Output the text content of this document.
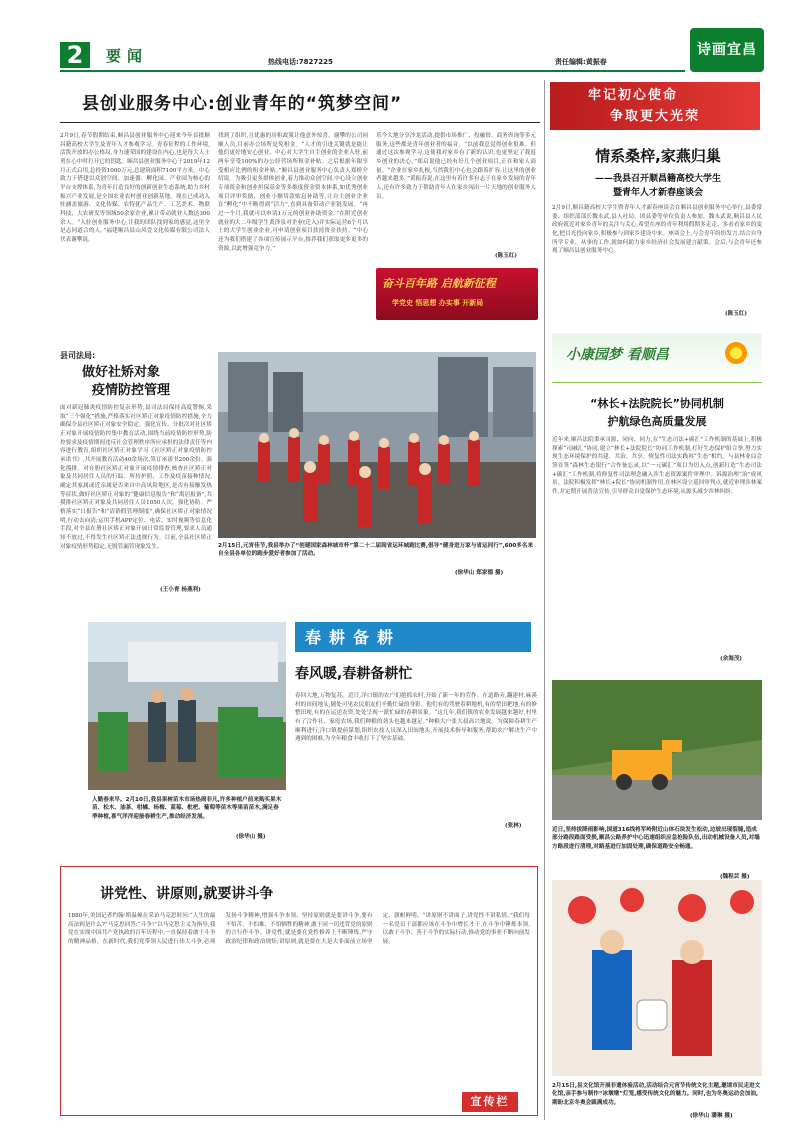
2	要闻	热线电话:7827225	责任编辑:黄振春
诗画宜昌
县创业服务中心:创业青年的“筑梦空间”
2月9日,春节假期结束,顺昌县创业服务中心迎来今年首批顺昌籍高校大学生及青年人才参观学习。青春征程的工作环境,活泼开放的办公格局,身力速荣国的建设在内心,也是每大人士勇在心中时打开它的钥匙。顺昌县创业服务中心于2019年12月正式启用,总投资1000万元,总建筑面积7100平方米。中心致力于搭建以众创空间、加速器、孵化园、产业园为核心的平台支撑体系,为青年打造良好的创新创业生态系统,助力乡村振兴产业发展,是全国农业农村创业创新基地。现在已成功入驻涵盖旅游、文化传媒、农特优产品生产、工艺美术、物联科技、大农研发等领域50余家企业,累计带动就业人数达300余人。“入驻创业服务中心,让我的团队找到家的感觉,这里全是志同道合的人。”福建顺昌县山风壹文化传媒有限公司法人代表谢攀说。
找到了组织,且优惠的房租政策让他意外惊喜。谢攀的公司同顺人员,目前办公场所是免租金。“人才的引进关键就是能让他们更好地安心创业。中心对大学生自主创业的企业入驻,前两年享受100%的办公经营场所租金补贴。之后根据年限享受相应比例的租金补贴。”顺昌县创业服务中心负责人郑桥介绍说。为吸引更多群体创业,着力推动众创空间,中心设立创业专项资金和创业担保基金等多维度资金资本体系,如优秀创业项目评审奖励、创业小额贷款贴息补助等,让自主创业企业在“孵化”中不断得到“活力”,直到具备带动产业链发展。“再过一个月,我就可以申请1万元的创业补助资金。”在附近创业就业的大二年级学生黄泽泉对企业(迁入)并实际运营6个月以上的大学生创业企业,可申请创业项目扶持资金扶持。“中心还为我们搭建了各项宣传展示平台,推荐我们获取更多更多的资源,以此增强竞争力。”
乐今大地分享沙龙活动,提供市场推广、投融资、商务咨询等多元服务,这些都是青年创业者的福音。“以前我总觉得创业很难。但通过这次参观学习,这使我对家乡有了新的认识,也更坚定了我返乡创业的决心。”郑启说他已经有好几个创业项目,正在和家人商量。“企业在家乡扎根,当然我们中心也会跟着扩容,让这里的创业者越来越多。”黄振春说,在这里有着许多有志于在家乡发展的青年人,还有许多致力于帮助青年人在家乡闯出一片天地的创业服务人员。
(陈玉红)
奋斗百年路 启航新征程
学党史 悟思想 办实事 开新局
牢记初心使命
争取更大光荣
情系桑梓,家燕归巢
——我县召开顺昌籍高校大学生
暨青年人才新春座谈会
2月9日,顺昌籍高校大学生暨青年人才新春座谈会在顺昌县创业服务中心举行,县委常委、组织部部长魏永武,县人社局、团县委等单位负责人参加。魏永武说,顺昌县人民政府就近对家乡青年的关注与关心,希望在座的青年利用假期多走走、多看看家乡的变化,把目光投向家乡,积极参与到家乡建设中来。座谈会上,与会青年纷纷发言,结合自身所学专业、从事的工作,就如何助力家乡经济社会发展建言献策。会后,与会青年还参观了顺昌县创业服务中心。
(陈玉红)
小康园梦 看顺昌
“林长+法院院长”协同机制
护航绿色高质量发展
近年来,顺昌法院秉承司源、同向、同力,在“生态司法+碳汇”工作机制的基础上,积极探索“司融汇”协同,建立“林长+法院院长”协同工作机制,打好生态保护组合拳,努力实现生态环境保护的共建、共治、共享。恢复性司法实践再“生态”相约。与县林业局会签首签“森林生态银行”合作备忘录,以“一元碳汇”项目为切入点,创新打造“生态司法+碳汇”工作机制,将修复性司法理念融入涉生态资源案件审理中。诉源治理“治”成风景。法院积极发挥“林长+院长”协同机制作用,在林区设立巡回审判点,就近审理涉林案件,并定期开展普法宣传,引导群众自觉保护生态环境,从源头减少涉林纠纷。
(余海茂)
县司法局:
做好社矫对象
疫情防控管理
面对新冠肺炎疫情防控复杂形势,县司法局保持高度警惕,采取“三个强化”措施,严格落实社区矫正对象疫情防控措施,全力确保全县社区矫正对象安全稳定。强化宣传。分批次对社区矫正对象开展疫情防控集中教育活动,围绕当前疫情防控形势,防控要求及疫情期间违反社会管理秩序所应承担的法律责任等内容进行教育,组织社区矫正对象学习《社区矫正对象疫情防控承诺书》,共开展教育活动40余场次,签订承诺书200余份。强化摸排。对在册社区矫正对象开展疫情排查,核查社区矫正对象及共同居住人员的行踪、所持护照、工作及疫苗接种情况,确定其家属或近亲属是否来自中高风险地区,是否有接触发热等症状,做好社区矫正对象的“健康信息报告”和“离居报备”,共摸排社区矫正对象及共同居住人员1050人次。强化协防。严格落实“日报告”和“请销假管理制度”,确保社区矫正对象情况明,行动去向清;运用手机APP定位、电话、实时视频等信息化手段,对全县在册社区矫正对象开展日常监督管理,要求人员通知不放过,不得发生社区矫正法违规行为。目前,全县社区矫正对象疫情形势稳定,无脱管漏管现象发生。
(王小青 杨燕利)
2月15日,元宵佳节,我县举办了“创建国家森林城市杯”第二十二届闽省运环城跑比赛,倡导“健身进万家与省运同行”,600多名来自全县各单位的跑步爱好者参加了活动。
(徐华山 郑家德 摄)
春耕备耕
春风暖,春耕备耕忙
春回大地,万物复苏。近日,洋口镇的农户们抢抓农时,开始了新一年的劳作。在道路旁,翻建村,麻溪村的田间地头,随处可见农民朋友们辛勤忙碌的身影。他们有的驾驶着耕地机,有的犁田耙地,有的修整田埂,有的在运送农资,处处呈现一派忙碌的春耕景象。“这几年,我们镇的农业发展越来越好,村里有了合作社、家庭农场,我们种粮的劲头也越来越足。”种粮大户张大叔高兴地说。为保障春耕生产顺利进行,洋口镇提前谋划,组织农技人员深入田间地头,开展技术指导和服务,帮助农户解决生产中遇到的困难,为全年粮食丰收打下了坚实基础。
(张林)
人勤春来早。2月10日,我县果树苗木市场热闹非凡,许多种植户前来购买果木苗、松木、油茶、柑橘、杨梅、蓝莓、枇杷、葡萄等苗木等果苗苗木,满足春季种植,喜气洋洋迎接春耕生产,推动经济发展。
(徐华山 摄)
近日,坚持拔降雨影响,国道316线将军岭附近山体石块发生松动,边坡出现裂缝,造成部分路段路面受损,顺昌公路养护中心迅速组织应急抢险队伍,出动机械设备人员,对塌方路段进行清理,对路基进行加固处理,确保道路安全畅通。
(魏程芸 摄)
讲党性、讲原则,就要讲斗争
1880年,美国记者约翰·斯温顿在采访马克思时问:“人生的最高法则是什么?”马克思回答:“斗争!”以马克思主义为指导,我党在实现中国共产党执政的百年历程中,一直保持着敢于斗争的精神品格。在新时代,我们党带领人民进行伟大斗争,必须发扬斗争精神,增强斗争本领。坚持原则就是要讲斗争,要有不怕苦、不怕难、不怕牺牲的精神,敢于同一切违背党的原则的言行作斗争。讲党性,就是要在党性修养上不断锤炼,严守政治纪律和政治规矩;讲原则,就是要在大是大非面前立场坚定、旗帜鲜明。“讲原则不讲面子,讲党性不讲私情。”我们每一名党员干部都应该在斗争中增长才干,在斗争中锤炼本领,以敢于斗争、善于斗争的实际行动,推动党的事业不断向前发展。
宣传栏
2月15日,县文化馆开展非遗体验活动,活动结合元宵节传统文化主题,邀请市民走进文化馆,亲手参与制作“冰墩墩”灯笼,感受传统文化的魅力。同时,也为冬奥运动会加油,期盼北京冬奥会圆满成功。
(徐华山 潘琳 摄)
